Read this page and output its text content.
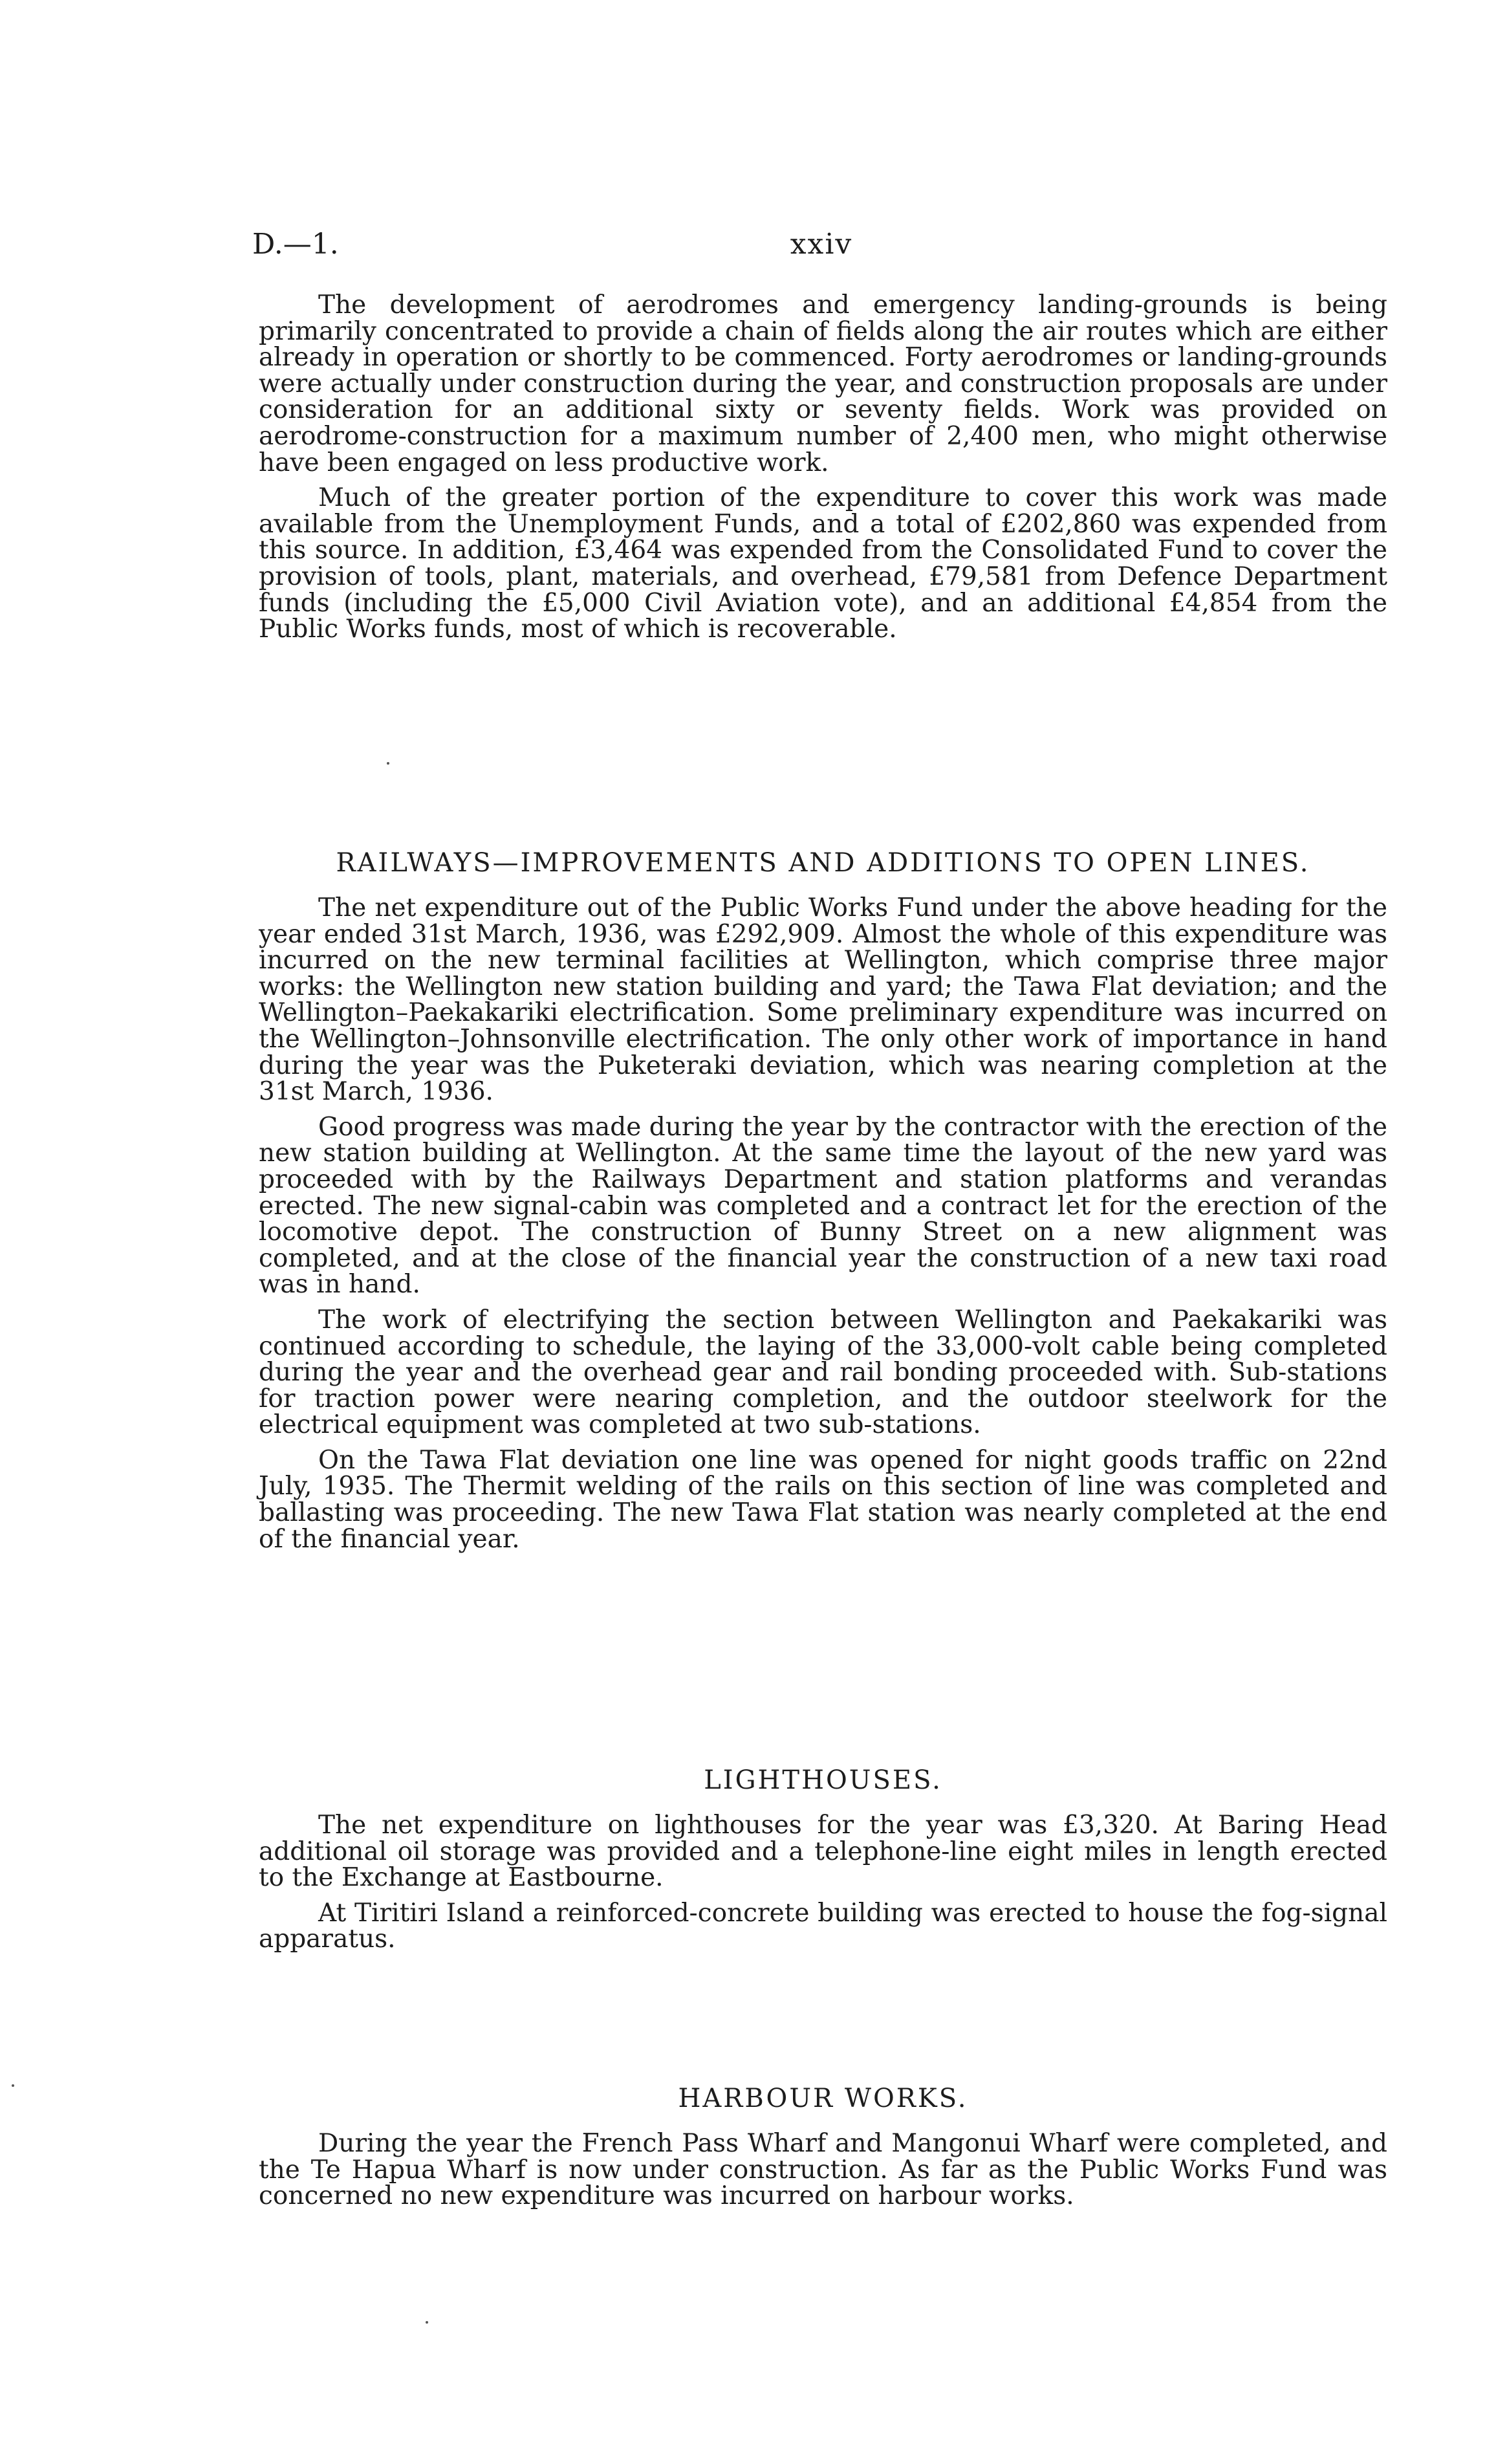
D.—1.	xxiv

The development of aerodromes and emergency landing-grounds is being primarily concentrated to provide a chain of fields along the air routes which are either already in operation or shortly to be commenced. Forty aerodromes or landing-grounds were actually under construction during the year, and construction proposals are under consideration for an additional sixty or seventy fields. Work was provided on aerodrome-construction for a maximum number of 2,400 men, who might otherwise have been engaged on less productive work.

Much of the greater portion of the expenditure to cover this work was made available from the Unemployment Funds, and a total of £202,860 was expended from this source. In addition, £3,464 was expended from the Consolidated Fund to cover the provision of tools, plant, materials, and overhead, £79,581 from Defence Department funds (including the £5,000 Civil Aviation vote), and an additional £4,854 from the Public Works funds, most of which is recoverable.

RAILWAYS—IMPROVEMENTS AND ADDITIONS TO OPEN LINES.

The net expenditure out of the Public Works Fund under the above heading for the year ended 31st March, 1936, was £292,909. Almost the whole of this expenditure was incurred on the new terminal facilities at Wellington, which comprise three major works: the Wellington new station building and yard; the Tawa Flat deviation; and the Wellington–Paekakariki electrification. Some preliminary expenditure was incurred on the Wellington–Johnsonville electrification. The only other work of importance in hand during the year was the Puketeraki deviation, which was nearing completion at the 31st March, 1936.

Good progress was made during the year by the contractor with the erection of the new station building at Wellington. At the same time the layout of the new yard was proceeded with by the Railways Department and station platforms and verandas erected. The new signal-cabin was completed and a contract let for the erection of the locomotive depot. The construction of Bunny Street on a new alignment was completed, and at the close of the financial year the construction of a new taxi road was in hand.

The work of electrifying the section between Wellington and Paekakariki was continued according to schedule, the laying of the 33,000-volt cable being completed during the year and the overhead gear and rail bonding proceeded with. Sub-stations for traction power were nearing completion, and the outdoor steelwork for the electrical equipment was completed at two sub-stations.

On the Tawa Flat deviation one line was opened for night goods traffic on 22nd July, 1935. The Thermit welding of the rails on this section of line was completed and ballasting was proceeding. The new Tawa Flat station was nearly completed at the end of the financial year.

LIGHTHOUSES.

The net expenditure on lighthouses for the year was £3,320. At Baring Head additional oil storage was provided and a telephone-line eight miles in length erected to the Exchange at Eastbourne.

At Tiritiri Island a reinforced-concrete building was erected to house the fog-signal apparatus.

HARBOUR WORKS.

During the year the French Pass Wharf and Mangonui Wharf were completed, and the Te Hapua Wharf is now under construction. As far as the Public Works Fund was concerned no new expenditure was incurred on harbour works.
